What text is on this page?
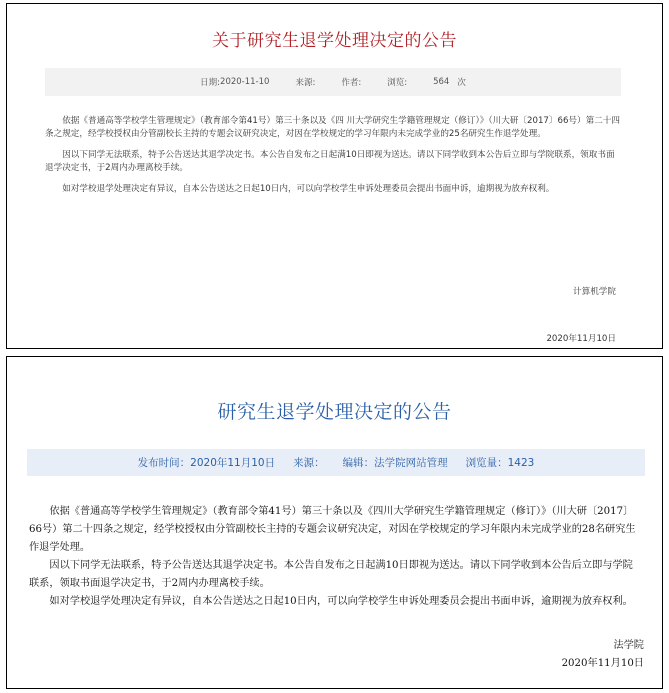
关于研究生退学处理决定的公告
日期: 2020-11-10	来源:	作者:	浏览:	564 次

依据《普通高等学校学生管理规定》（教育部令第41号）第三十条以及《四 川大学研究生学籍管理规定（修订）》（川大研〔2017〕66号）第二十四条之规定，经学校授权由分管副校长主持的专题会议研究决定，对因在学校规定的学习年限内未完成学业的25名研究生作退学处理。

因以下同学无法联系，特予公告送达其退学决定书。本公告自发布之日起满10日即视为送达。请以下同学收到本公告后立即与学院联系，领取书面退学决定书，于2周内办理离校手续。

如对学校退学处理决定有异议，自本公告送达之日起10日内，可以向学校学生申诉处理委员会提出书面申诉，逾期视为放弃权利。

计算机学院
2020年11月10日
研究生退学处理决定的公告
发布时间： 2020年11月10日 来源： 编辑： 法学院网站管理 浏览量： 1423

依据《普通高等学校学生管理规定》（教育部令第41号）第三十条以及《四川大学研究生学籍管理规定（修订）》（川大研〔2017〕66号）第二十四条之规定，经学校授权由分管副校长主持的专题会议研究决定，对因在学校规定的学习年限内未完成学业的28名研究生作退学处理。

因以下同学无法联系，特予公告送达其退学决定书。本公告自发布之日起满10日即视为送达。请以下同学收到本公告后立即与学院联系，领取书面退学决定书，于2周内办理离校手续。

如对学校退学处理决定有异议，自本公告送达之日起10日内，可以向学校学生申诉处理委员会提出书面申诉，逾期视为放弃权利。

法学院
2020年11月10日
